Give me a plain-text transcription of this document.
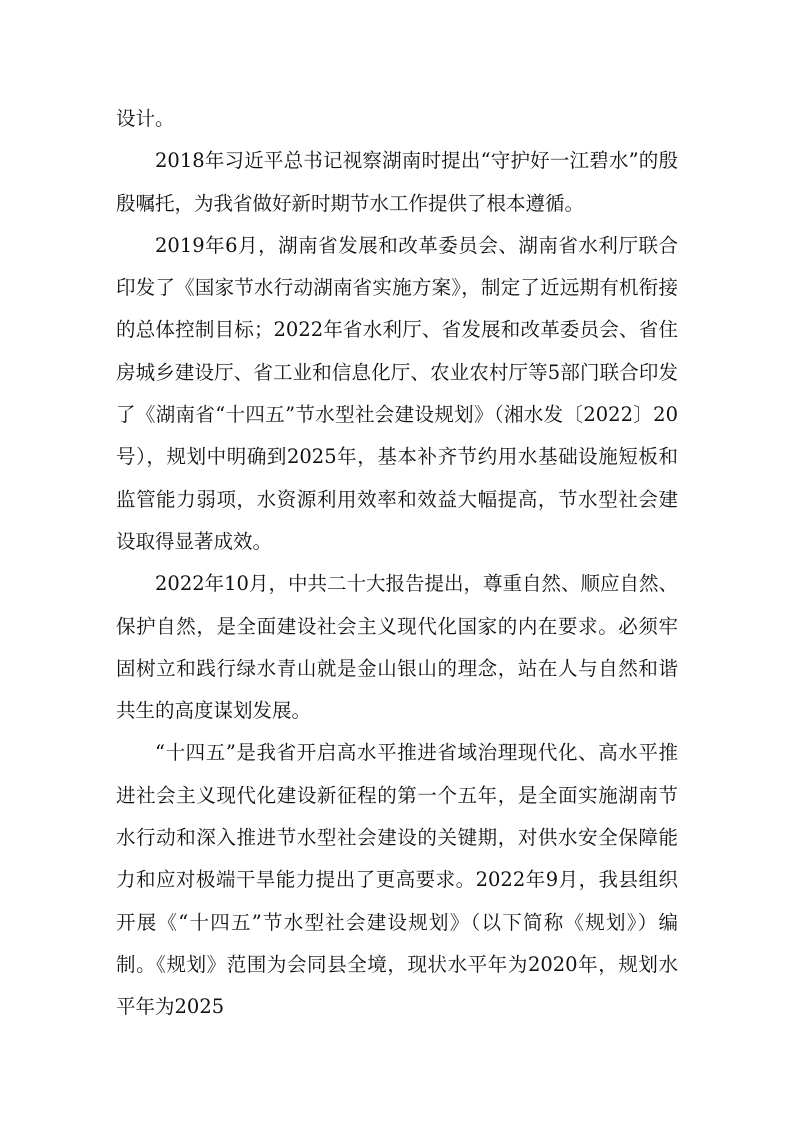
设计。

2018年习近平总书记视察湖南时提出“守护好一江碧水”的殷殷嘱托，为我省做好新时期节水工作提供了根本遵循。

2019年6月，湖南省发展和改革委员会、湖南省水利厅联合印发了《国家节水行动湖南省实施方案》，制定了近远期有机衔接的总体控制目标；2022年省水利厅、省发展和改革委员会、省住房城乡建设厅、省工业和信息化厅、农业农村厅等5部门联合印发了《湖南省“十四五”节水型社会建设规划》（湘水发〔2022〕20号），规划中明确到2025年，基本补齐节约用水基础设施短板和监管能力弱项，水资源利用效率和效益大幅提高，节水型社会建设取得显著成效。

2022年10月，中共二十大报告提出，尊重自然、顺应自然、保护自然，是全面建设社会主义现代化国家的内在要求。必须牢固树立和践行绿水青山就是金山银山的理念，站在人与自然和谐共生的高度谋划发展。

“十四五”是我省开启高水平推进省域治理现代化、高水平推进社会主义现代化建设新征程的第一个五年，是全面实施湖南节水行动和深入推进节水型社会建设的关键期，对供水安全保障能力和应对极端干旱能力提出了更高要求。2022年9月，我县组织开展《“十四五”节水型社会建设规划》（以下简称《规划》）编制。《规划》范围为会同县全境，现状水平年为2020年，规划水平年为2025
